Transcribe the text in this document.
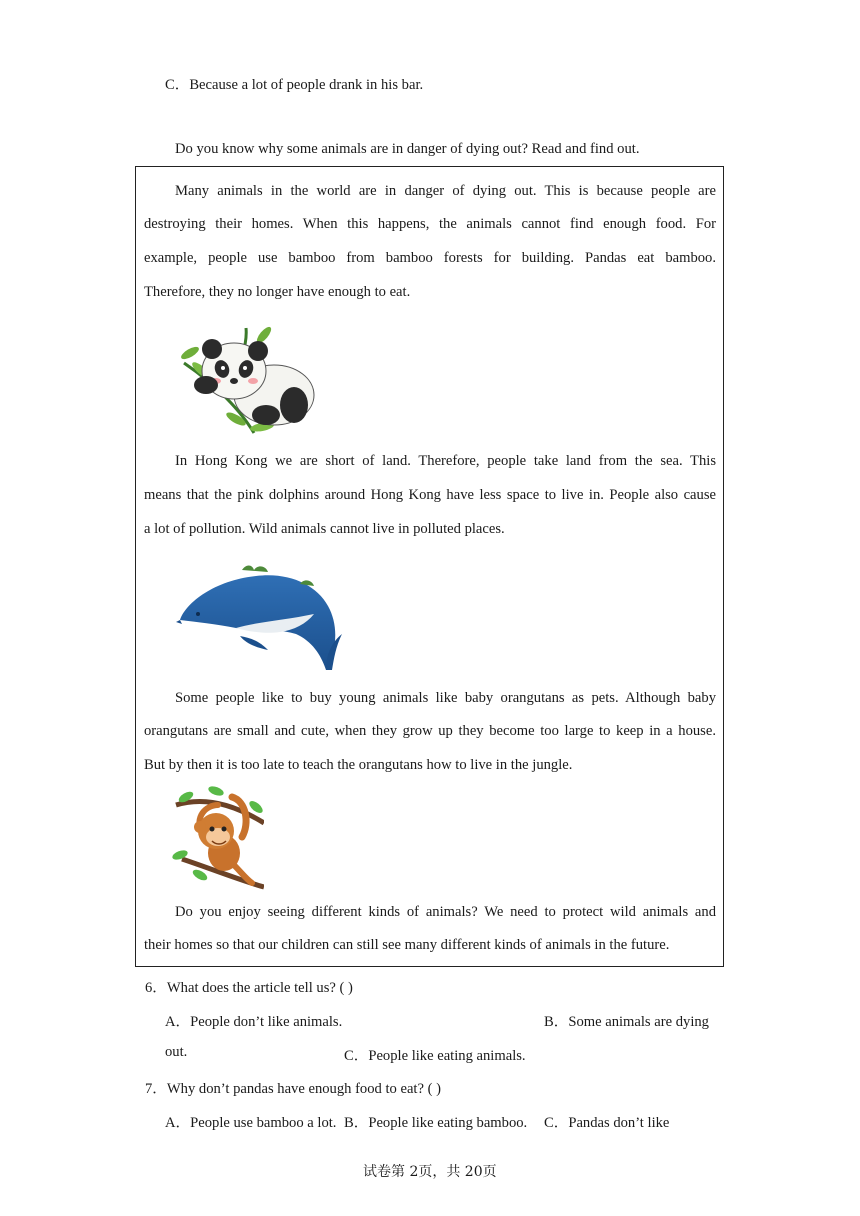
C．Because a lot of people drank in his bar.
Do you know why some animals are in danger of dying out? Read and find out.
Many animals in the world are in danger of dying out. This is because people are
destroying their homes. When this happens, the animals cannot find enough food. For
example, people use bamboo from bamboo forests for building. Pandas eat bamboo.
Therefore, they no longer have enough to eat.
In Hong Kong we are short of land. Therefore, people take land from the sea. This
means that the pink dolphins around Hong Kong have less space to live in. People also cause
a lot of pollution. Wild animals cannot live in polluted places.
Some people like to buy young animals like baby orangutans as pets. Although baby
orangutans are small and cute, when they grow up they become too large to keep in a house.
But by then it is too late to teach the orangutans how to live in the jungle.
Do you enjoy seeing different kinds of animals? We need to protect wild animals and
their homes so that our children can still see many different kinds of animals in the future.
6．What does the article tell us? ( )
A．People don’t like animals.	B．Some animals are dying
out.	C．People like eating animals.
7．Why don’t pandas have enough food to eat? ( )
A．People use bamboo a lot. B．People like eating bamboo. C．Pandas don’t like
试卷第 2页，共 20页
